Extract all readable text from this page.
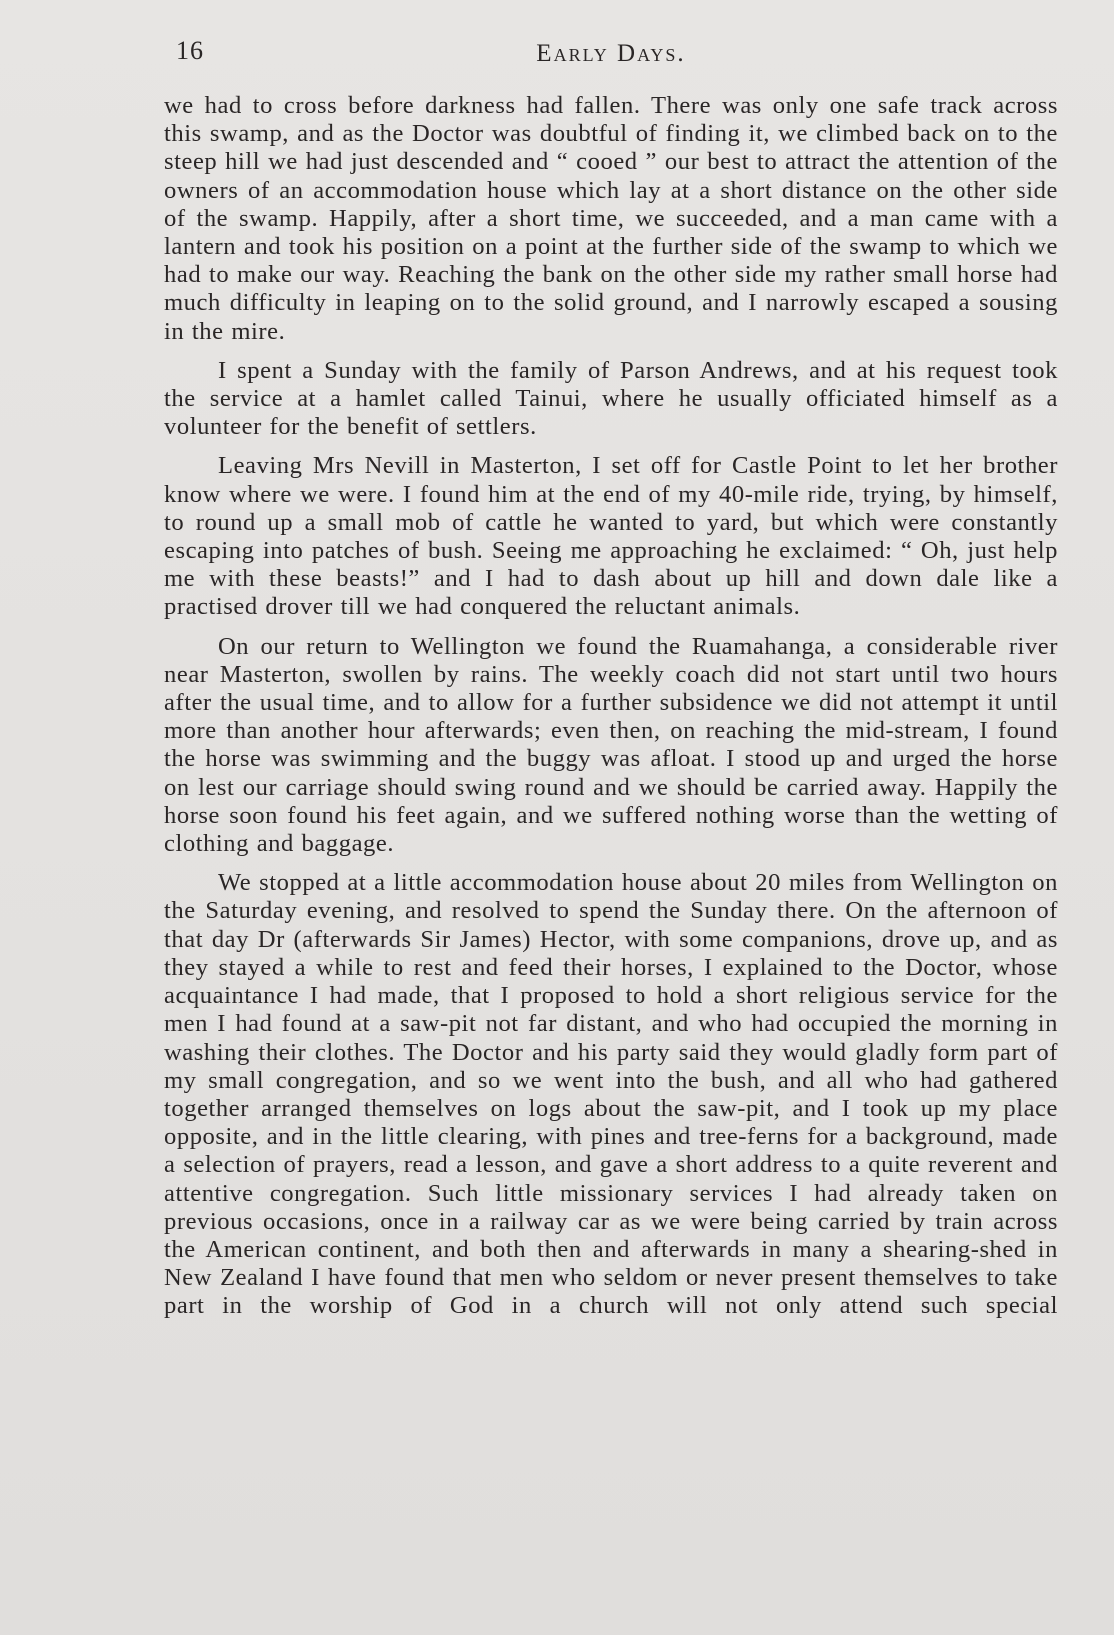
16	Early Days.

we had to cross before darkness had fallen. There was only one safe track across this swamp, and as the Doctor was doubtful of finding it, we climbed back on to the steep hill we had just descended and “ cooed ” our best to attract the attention of the owners of an accommodation house which lay at a short distance on the other side of the swamp. Happily, after a short time, we succeeded, and a man came with a lantern and took his position on a point at the further side of the swamp to which we had to make our way. Reaching the bank on the other side my rather small horse had much difficulty in leaping on to the solid ground, and I narrowly escaped a sousing in the mire.

I spent a Sunday with the family of Parson Andrews, and at his request took the service at a hamlet called Tainui, where he usually officiated himself as a volunteer for the benefit of settlers.

Leaving Mrs Nevill in Masterton, I set off for Castle Point to let her brother know where we were. I found him at the end of my 40-mile ride, trying, by himself, to round up a small mob of cattle he wanted to yard, but which were constantly escaping into patches of bush. Seeing me approaching he exclaimed: “ Oh, just help me with these beasts!” and I had to dash about up hill and down dale like a practised drover till we had conquered the reluctant animals.

On our return to Wellington we found the Ruamahanga, a considerable river near Masterton, swollen by rains. The weekly coach did not start until two hours after the usual time, and to allow for a further subsidence we did not attempt it until more than another hour afterwards; even then, on reaching the mid-stream, I found the horse was swimming and the buggy was afloat. I stood up and urged the horse on lest our carriage should swing round and we should be carried away. Happily the horse soon found his feet again, and we suffered nothing worse than the wetting of clothing and baggage.

We stopped at a little accommodation house about 20 miles from Wellington on the Saturday evening, and resolved to spend the Sunday there. On the afternoon of that day Dr (afterwards Sir James) Hector, with some companions, drove up, and as they stayed a while to rest and feed their horses, I explained to the Doctor, whose acquaintance I had made, that I proposed to hold a short religious service for the men I had found at a saw-pit not far distant, and who had occupied the morning in washing their clothes. The Doctor and his party said they would gladly form part of my small congregation, and so we went into the bush, and all who had gathered together arranged themselves on logs about the saw-pit, and I took up my place opposite, and in the little clearing, with pines and tree-ferns for a background, made a selection of prayers, read a lesson, and gave a short address to a quite reverent and attentive congregation. Such little missionary services I had already taken on previous occasions, once in a railway car as we were being carried by train across the American continent, and both then and afterwards in many a shearing-shed in New Zealand I have found that men who seldom or never present themselves to take part in the worship of God in a church will not only attend such special
